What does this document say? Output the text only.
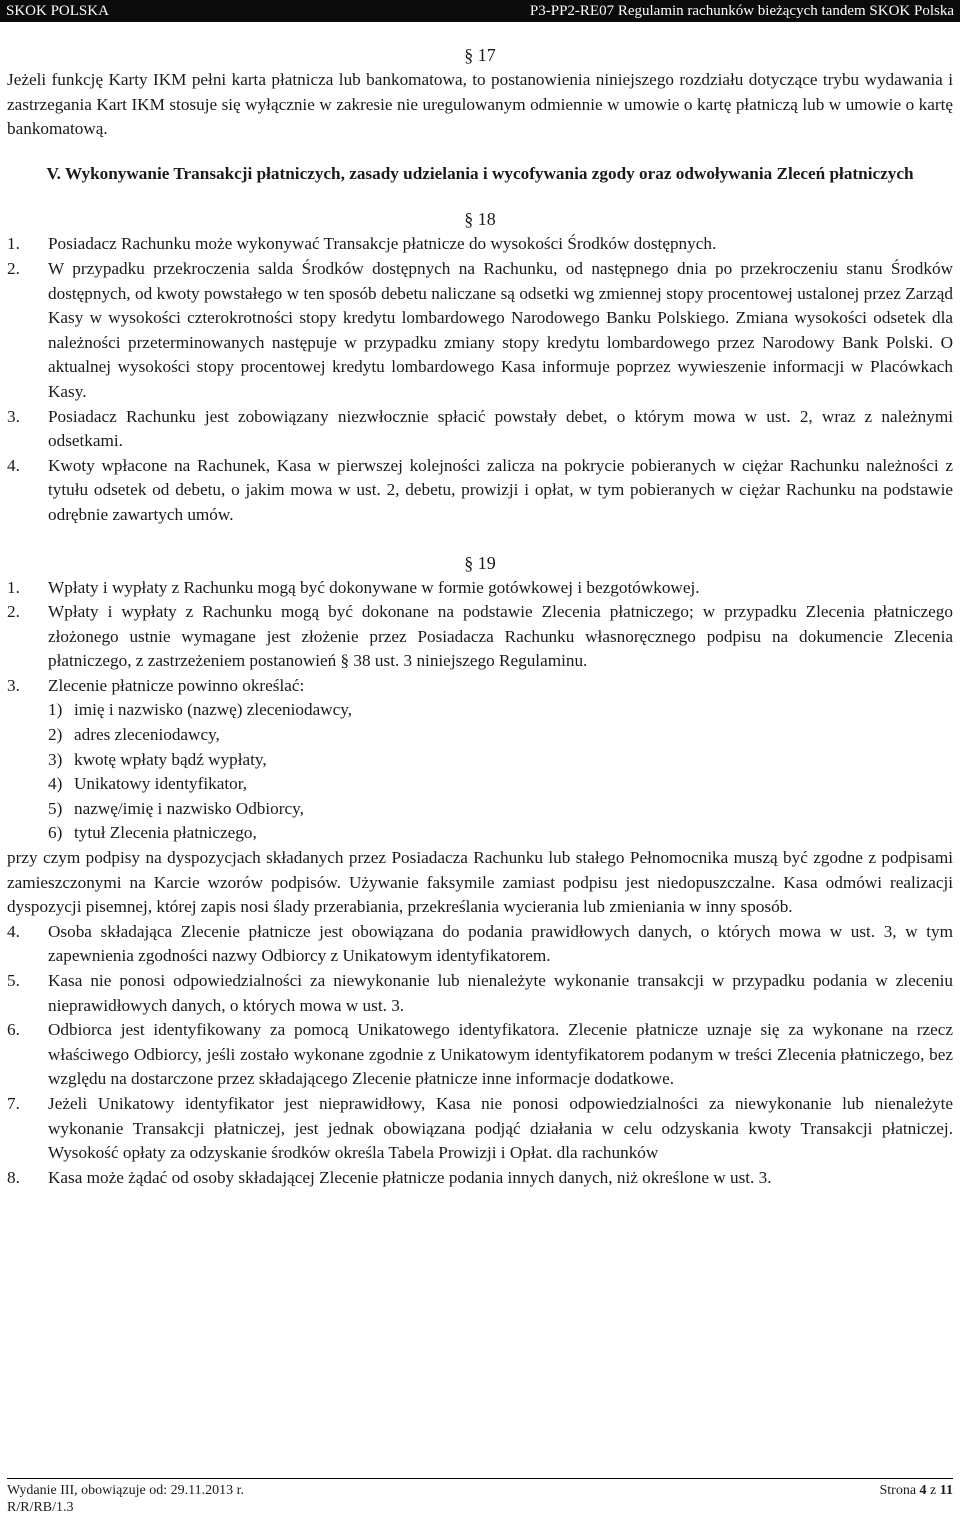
SKOK POLSKA	P3-PP2-RE07 Regulamin rachunków bieżących tandem SKOK Polska
§ 17
Jeżeli funkcję Karty IKM pełni karta płatnicza lub bankomatowa, to postanowienia niniejszego rozdziału dotyczące trybu wydawania i zastrzegania Kart IKM stosuje się wyłącznie w zakresie nie uregulowanym odmiennie w umowie o kartę płatniczą lub w umowie o kartę bankomatową.
V. Wykonywanie Transakcji płatniczych, zasady udzielania i wycofywania zgody oraz odwoływania Zleceń płatniczych
§ 18
1.	Posiadacz Rachunku może wykonywać Transakcje płatnicze do wysokości Środków dostępnych.
2.	W przypadku przekroczenia salda Środków dostępnych na Rachunku, od następnego dnia po przekroczeniu stanu Środków dostępnych, od kwoty powstałego w ten sposób debetu naliczane są odsetki wg zmiennej stopy procentowej ustalonej przez Zarząd Kasy w wysokości czterokrotności stopy kredytu lombardowego Narodowego Banku Polskiego. Zmiana wysokości odsetek dla należności przeterminowanych następuje w przypadku zmiany stopy kredytu lombardowego przez Narodowy Bank Polski. O aktualnej wysokości stopy procentowej kredytu lombardowego Kasa informuje poprzez wywieszenie informacji w Placówkach Kasy.
3.	Posiadacz Rachunku jest zobowiązany niezwłocznie spłacić powstały debet, o którym mowa w ust. 2, wraz z należnymi odsetkami.
4.	Kwoty wpłacone na Rachunek, Kasa w pierwszej kolejności zalicza na pokrycie pobieranych w ciężar Rachunku należności z tytułu odsetek od debetu, o jakim mowa w ust. 2, debetu, prowizji i opłat, w tym pobieranych w ciężar Rachunku na podstawie odrębnie zawartych umów.
§ 19
1.	Wpłaty i wypłaty z Rachunku mogą być dokonywane w formie gotówkowej i bezgotówkowej.
2.	Wpłaty i wypłaty z Rachunku mogą być dokonane na podstawie Zlecenia płatniczego; w przypadku Zlecenia płatniczego złożonego ustnie wymagane jest złożenie przez Posiadacza Rachunku własnoręcznego podpisu na dokumencie Zlecenia płatniczego, z zastrzeżeniem postanowień § 38 ust. 3 niniejszego Regulaminu.
3.	Zlecenie płatnicze powinno określać:
1) imię i nazwisko (nazwę) zleceniodawcy,
2) adres zleceniodawcy,
3) kwotę wpłaty bądź wypłaty,
4) Unikatowy identyfikator,
5) nazwę/imię i nazwisko Odbiorcy,
6) tytuł Zlecenia płatniczego,
przy czym podpisy na dyspozycjach składanych przez Posiadacza Rachunku lub stałego Pełnomocnika muszą być zgodne z podpisami zamieszczonymi na Karcie wzorów podpisów. Używanie faksymile zamiast podpisu jest niedopuszczalne. Kasa odmówi realizacji dyspozycji pisemnej, której zapis nosi ślady przerabiania, przekreślania wycierania lub zmieniania w inny sposób.
4.	Osoba składająca Zlecenie płatnicze jest obowiązana do podania prawidłowych danych, o których mowa w ust. 3, w tym zapewnienia zgodności nazwy Odbiorcy z Unikatowym identyfikatorem.
5.	Kasa nie ponosi odpowiedzialności za niewykonanie lub nienależyte wykonanie transakcji w przypadku podania w zleceniu nieprawidłowych danych, o których mowa w ust. 3.
6.	Odbiorca jest identyfikowany za pomocą Unikatowego identyfikatora. Zlecenie płatnicze uznaje się za wykonane na rzecz właściwego Odbiorcy, jeśli zostało wykonane zgodnie z Unikatowym identyfikatorem podanym w treści Zlecenia płatniczego, bez względu na dostarczone przez składającego Zlecenie płatnicze inne informacje dodatkowe.
7.	Jeżeli Unikatowy identyfikator jest nieprawidłowy, Kasa nie ponosi odpowiedzialności za niewykonanie lub nienależyte wykonanie Transakcji płatniczej, jest jednak obowiązana podjąć działania w celu odzyskania kwoty Transakcji płatniczej. Wysokość opłaty za odzyskanie środków określa Tabela Prowizji i Opłat. dla rachunków
8.	Kasa może żądać od osoby składającej Zlecenie płatnicze podania innych danych, niż określone w ust. 3.
Wydanie III, obowiązuje od: 29.11.2013 r.	Strona 4 z 11
R/R/RB/1.3
